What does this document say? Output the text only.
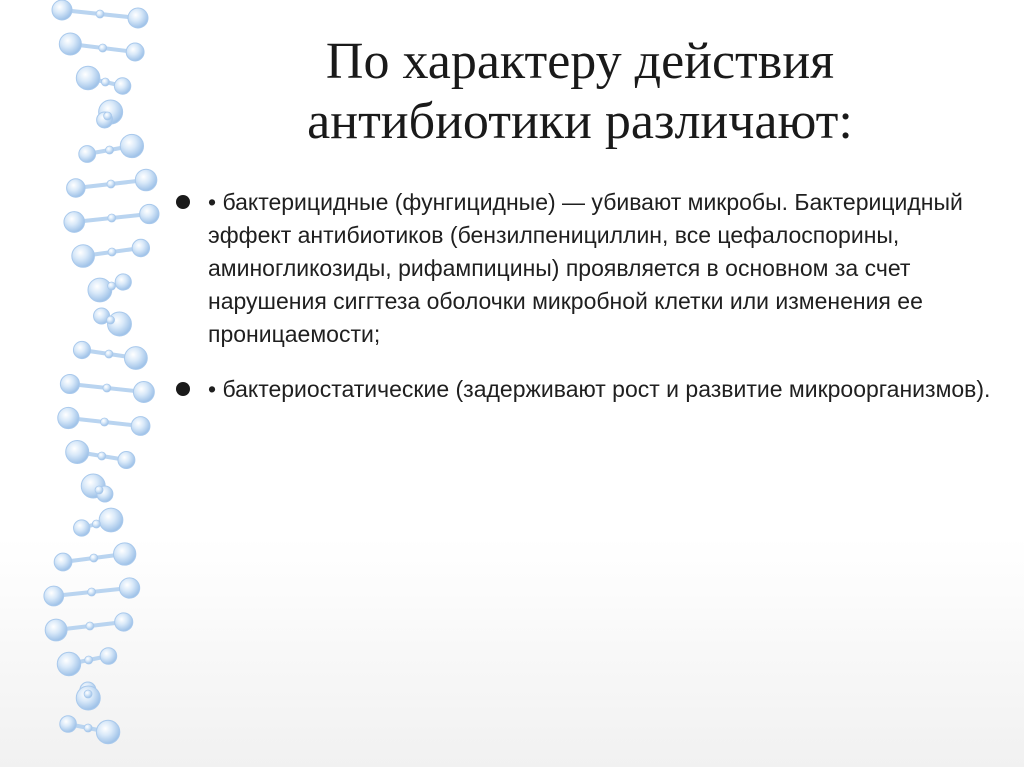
По характеру действия
антибиотики различают:
• бактерицидные (фунгицидные) — убивают микробы. Бактерицидный эффект антибиотиков (бензилпенициллин, все цефалоспорины, аминогликозиды, рифампицины) проявляется в основном за счет нарушения сиггтеза оболочки микробной клетки или изменения ее проницаемости;
• бактериостатические (задерживают рост и развитие микроорганизмов).
